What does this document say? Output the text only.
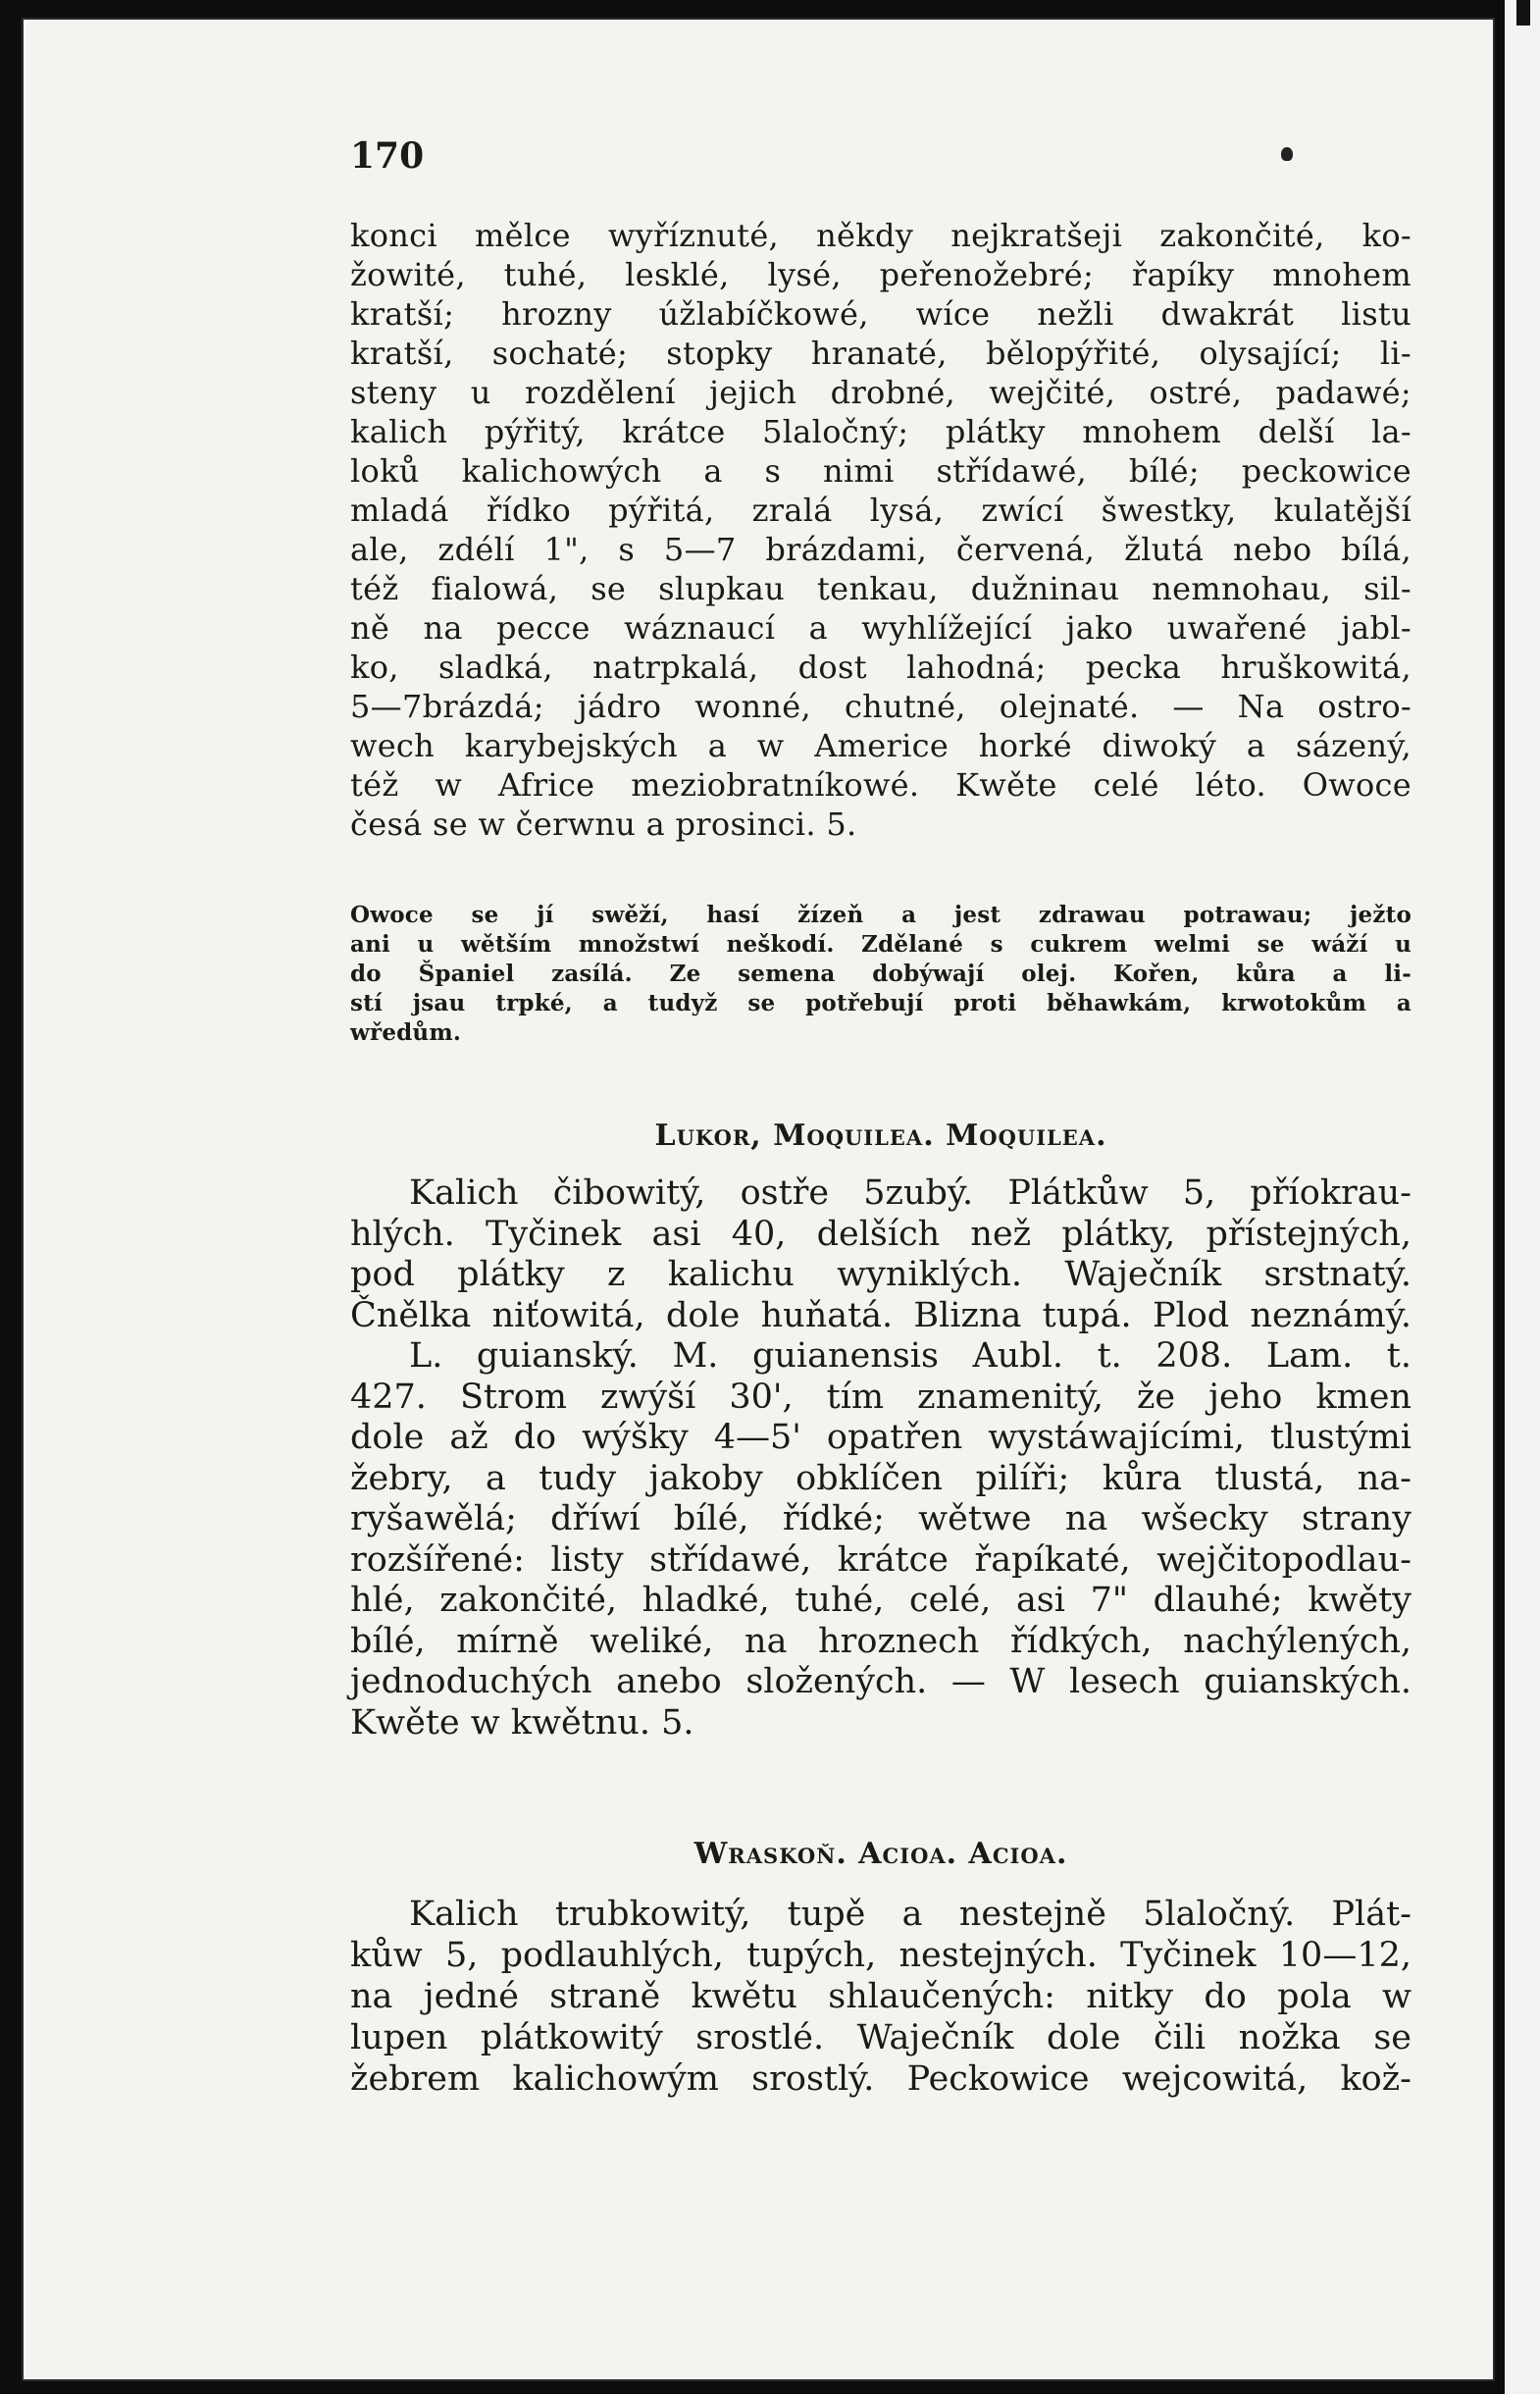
170

konci mělce wyříznuté, někdy nejkratšeji zakončité, ko-
žowité, tuhé, lesklé, lysé, peřenožebré; řapíky mnohem
kratší; hrozny úžlabíčkowé, wíce nežli dwakrát listu
kratší, sochaté; stopky hranaté, bělopýřité, olysající; li-
steny u rozdělení jejich drobné, wejčité, ostré, padawé;
kalich pýřitý, krátce 5laločný; plátky mnohem delší la-
loků kalichowých a s nimi střídawé, bílé; peckowice
mladá řídko pýřitá, zralá lysá, zwící šwestky, kulatější
ale, zdélí 1", s 5—7 brázdami, červená, žlutá nebo bílá,
též fialowá, se slupkau tenkau, dužninau nemnohau, sil-
ně na pecce wáznaucí a wyhlížející jako uwařené jabl-
ko, sladká, natrpkalá, dost lahodná; pecka hruškowitá,
5—7brázdá; jádro wonné, chutné, olejnaté. — Na ostro-
wech karybejských a w Americe horké diwoký a sázený,
též w Africe meziobratníkowé. Kwěte celé léto. Owoce
česá se w čerwnu a prosinci. 5.
Owoce se jí swěží, hasí žízeň a jest zdrawau potrawau; ježto
ani u wětším množstwí neškodí. Zdělané s cukrem welmi se wáží u
do Španiel zasílá. Ze semena dobýwají olej. Kořen, kůra a li-
stí jsau trpké, a tudyž se potřebují proti běhawkám, krwotokům a
wředům.

Lukor, Moquilea. Moquilea.

Kalich čibowitý, ostře 5zubý. Plátkůw 5, příokrau-
hlých. Tyčinek asi 40, delších než plátky, přístejných,
pod plátky z kalichu wyniklých. Waječník srstnatý.
Čnělka niťowitá, dole huňatá. Blizna tupá. Plod neznámý.
L. guianský. M. guianensis Aubl. t. 208. Lam. t.
427. Strom zwýší 30', tím znamenitý, že jeho kmen
dole až do wýšky 4—5' opatřen wystáwajícími, tlustými
žebry, a tudy jakoby obklíčen pilíři; kůra tlustá, na-
ryšawělá; dříwí bílé, řídké; wětwe na wšecky strany
rozšířené: listy střídawé, krátce řapíkaté, wejčitopodlau-
hlé, zakončité, hladké, tuhé, celé, asi 7" dlauhé; kwěty
bílé, mírně weliké, na hroznech řídkých, nachýlených,
jednoduchých anebo složených. — W lesech guianských.
Kwěte w kwětnu. 5.

Wraskoň. Acioa. Acioa.

Kalich trubkowitý, tupě a nestejně 5laločný. Plát-
kůw 5, podlauhlých, tupých, nestejných. Tyčinek 10—12,
na jedné straně kwětu shlaučených: nitky do pola w
lupen plátkowitý srostlé. Waječník dole čili nožka se
žebrem kalichowým srostlý. Peckowice wejcowitá, kož-
